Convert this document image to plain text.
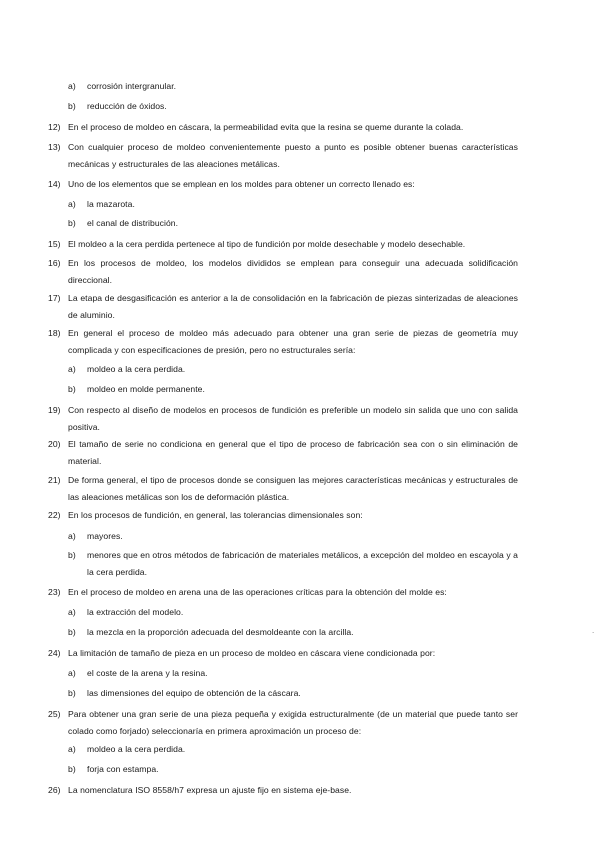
a)	corrosión intergranular.
b)	reducción de óxidos.
12) En el proceso de moldeo en cáscara, la permeabilidad evita que la resina se queme durante la colada.
13) Con cualquier proceso de moldeo convenientemente puesto a punto es posible obtener buenas características mecánicas y estructurales de las aleaciones metálicas.
14) Uno de los elementos que se emplean en los moldes para obtener un correcto llenado es:
a)	la mazarota.
b)	el canal de distribución.
15) El moldeo a la cera perdida pertenece al tipo de fundición por molde desechable y modelo desechable.
16) En los procesos de moldeo, los modelos divididos se emplean para conseguir una adecuada solidificación direccional.
17) La etapa de desgasificación es anterior a la de consolidación en la fabricación de piezas sinterizadas de aleaciones de aluminio.
18) En general el proceso de moldeo más adecuado para obtener una gran serie de piezas de geometría muy complicada y con especificaciones de presión, pero no estructurales sería:
a)	moldeo a la cera perdida.
b)	moldeo en molde permanente.
19) Con respecto al diseño de modelos en procesos de fundición es preferible un modelo sin salida que uno con salida positiva.
20) El tamaño de serie no condiciona en general que el tipo de proceso de fabricación sea con o sin eliminación de material.
21) De forma general, el tipo de procesos donde se consiguen las mejores características mecánicas y estructurales de las aleaciones metálicas son los de deformación plástica.
22) En los procesos de fundición, en general, las tolerancias dimensionales son:
a)	mayores.
b)	menores que en otros métodos de fabricación de materiales metálicos, a excepción del moldeo en escayola y a la cera perdida.
23) En el proceso de moldeo en arena una de las operaciones críticas para la obtención del molde es:
a)	la extracción del modelo.
b)	la mezcla en la proporción adecuada del desmoldeante con la arcilla.
24) La limitación de tamaño de pieza en un proceso de moldeo en cáscara viene condicionada por:
a)	el coste de la arena y la resina.
b)	las dimensiones del equipo de obtención de la cáscara.
25) Para obtener una gran serie de una pieza pequeña y exigida estructuralmente (de un material que puede tanto ser colado como forjado) seleccionaría en primera aproximación un proceso de:
a)	moldeo a la cera perdida.
b)	forja con estampa.
26) La nomenclatura ISO 8558/h7 expresa un ajuste fijo en sistema eje-base.
.
